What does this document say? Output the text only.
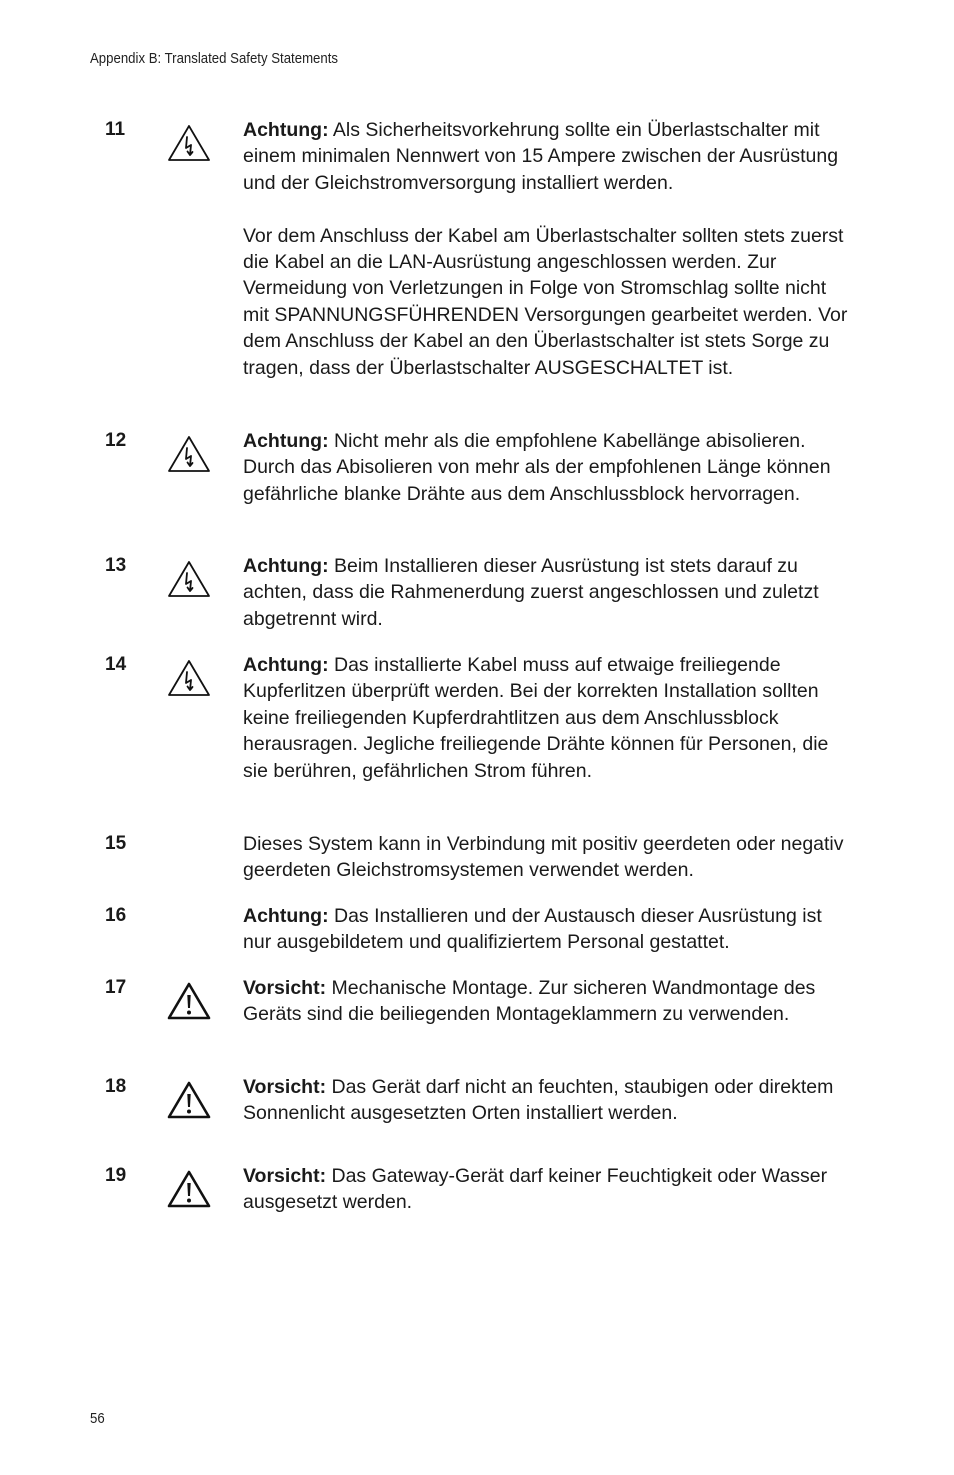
Appendix B: Translated Safety Statements
11	Achtung: Als Sicherheitsvorkehrung sollte ein Überlastschalter mit einem minimalen Nennwert von 15 Ampere zwischen der Ausrüstung und der Gleichstromversorgung installiert werden.

Vor dem Anschluss der Kabel am Überlastschalter sollten stets zuerst die Kabel an die LAN-Ausrüstung angeschlossen werden. Zur Vermeidung von Verletzungen in Folge von Stromschlag sollte nicht mit SPANNUNGSFÜHRENDEN Versorgungen gearbeitet werden. Vor dem Anschluss der Kabel an den Überlastschalter ist stets Sorge zu tragen, dass der Überlastschalter AUSGESCHALTET ist.

12	Achtung: Nicht mehr als die empfohlene Kabellänge abisolieren. Durch das Abisolieren von mehr als der empfohlenen Länge können gefährliche blanke Drähte aus dem Anschlussblock hervorragen.

13	Achtung: Beim Installieren dieser Ausrüstung ist stets darauf zu achten, dass die Rahmenerdung zuerst angeschlossen und zuletzt abgetrennt wird.

14	Achtung: Das installierte Kabel muss auf etwaige freiliegende Kupferlitzen überprüft werden. Bei der korrekten Installation sollten keine freiliegenden Kupferdrahtlitzen aus dem Anschlussblock herausragen. Jegliche freiliegende Drähte können für Personen, die sie berühren, gefährlichen Strom führen.

15	Dieses System kann in Verbindung mit positiv geerdeten oder negativ geerdeten Gleichstromsystemen verwendet werden.

16	Achtung: Das Installieren und der Austausch dieser Ausrüstung ist nur ausgebildetem und qualifiziertem Personal gestattet.

17	Vorsicht: Mechanische Montage. Zur sicheren Wandmontage des Geräts sind die beiliegenden Montageklammern zu verwenden.

18	Vorsicht: Das Gerät darf nicht an feuchten, staubigen oder direktem Sonnenlicht ausgesetzten Orten installiert werden.

19	Vorsicht: Das Gateway-Gerät darf keiner Feuchtigkeit oder Wasser ausgesetzt werden.

56
